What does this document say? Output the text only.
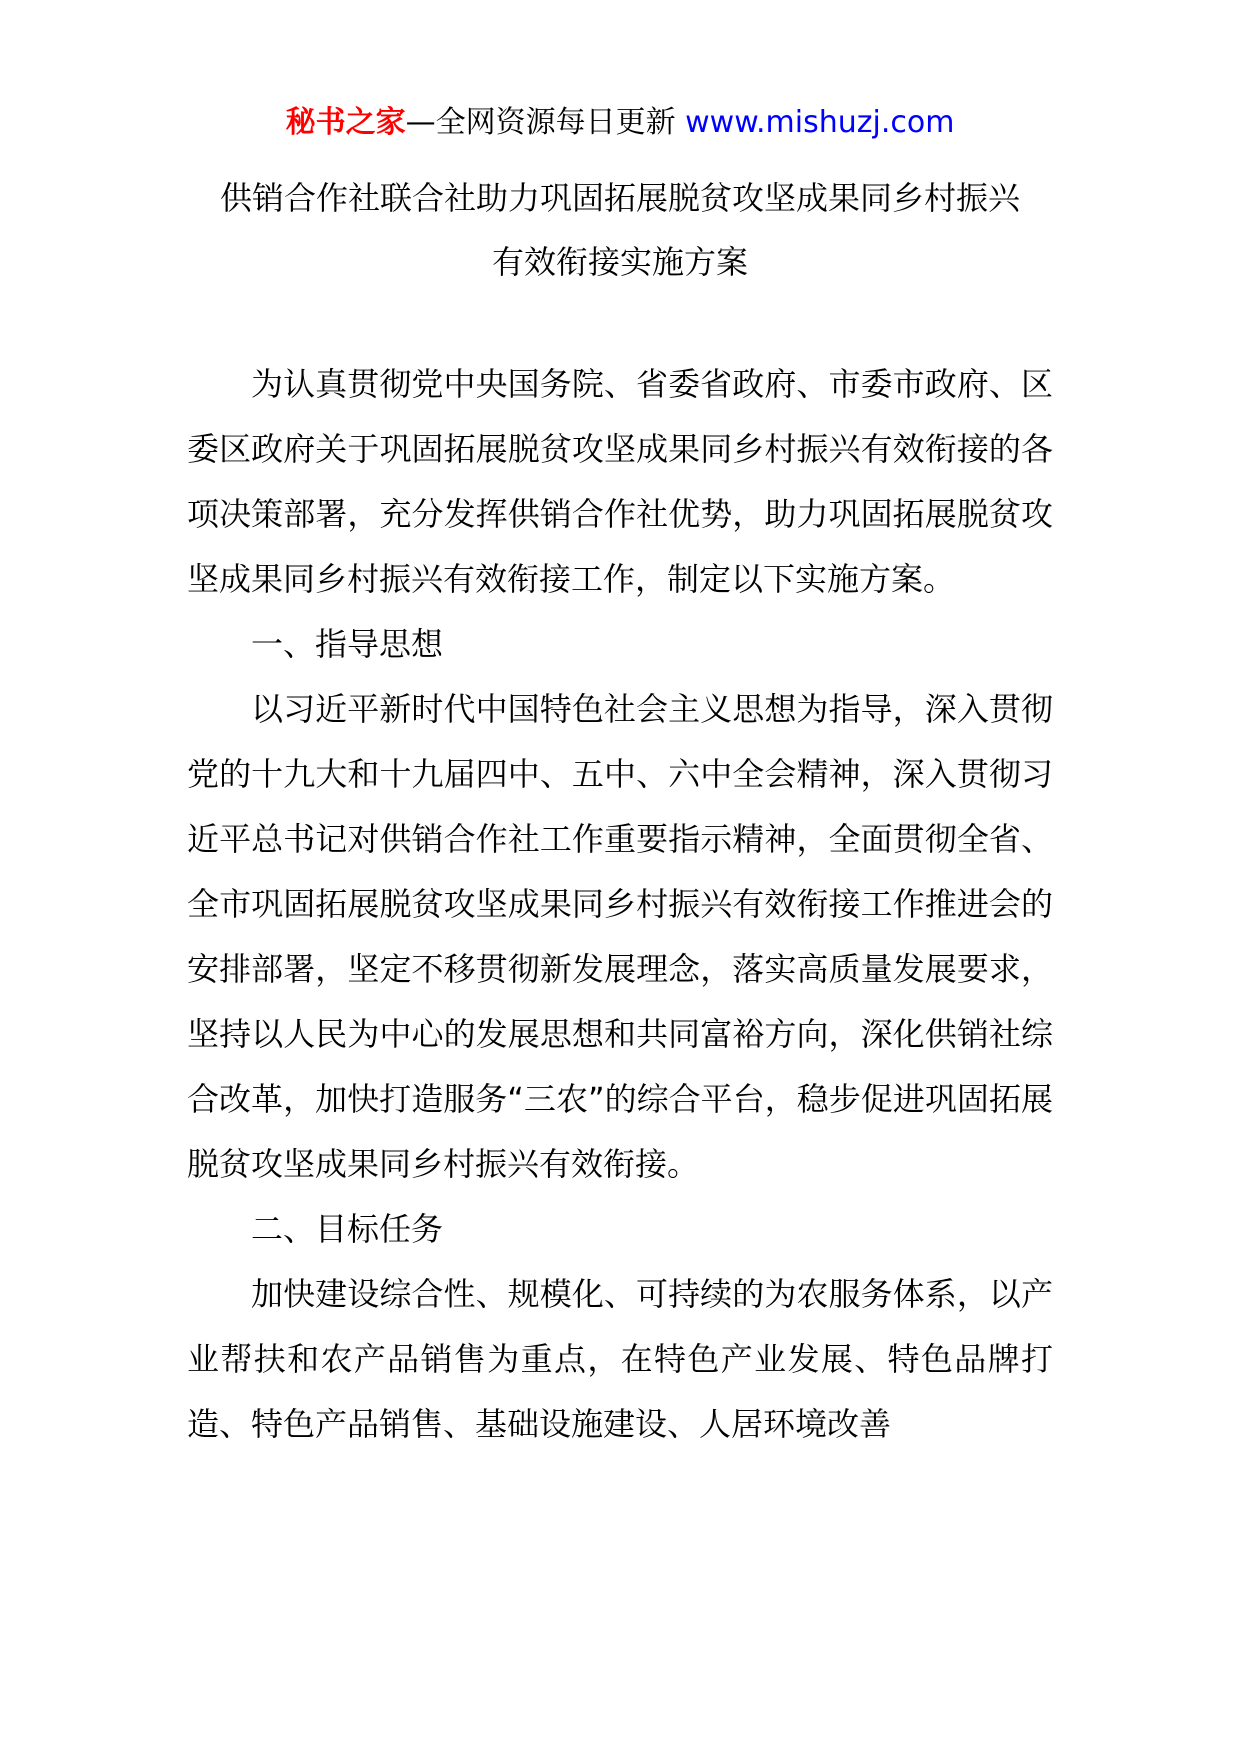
秘书之家—全网资源每日更新 www.mishuzj.com
供销合作社联合社助力巩固拓展脱贫攻坚成果同乡村振兴
有效衔接实施方案

为认真贯彻党中央国务院、省委省政府、市委市政府、区委区政府关于巩固拓展脱贫攻坚成果同乡村振兴有效衔接的各项决策部署，充分发挥供销合作社优势，助力巩固拓展脱贫攻坚成果同乡村振兴有效衔接工作，制定以下实施方案。

一、指导思想

以习近平新时代中国特色社会主义思想为指导，深入贯彻党的十九大和十九届四中、五中、六中全会精神，深入贯彻习近平总书记对供销合作社工作重要指示精神，全面贯彻全省、全市巩固拓展脱贫攻坚成果同乡村振兴有效衔接工作推进会的安排部署，坚定不移贯彻新发展理念，落实高质量发展要求，坚持以人民为中心的发展思想和共同富裕方向，深化供销社综合改革，加快打造服务“三农”的综合平台，稳步促进巩固拓展脱贫攻坚成果同乡村振兴有效衔接。

二、目标任务

加快建设综合性、规模化、可持续的为农服务体系，以产业帮扶和农产品销售为重点，在特色产业发展、特色品牌打造、特色产品销售、基础设施建设、人居环境改善
